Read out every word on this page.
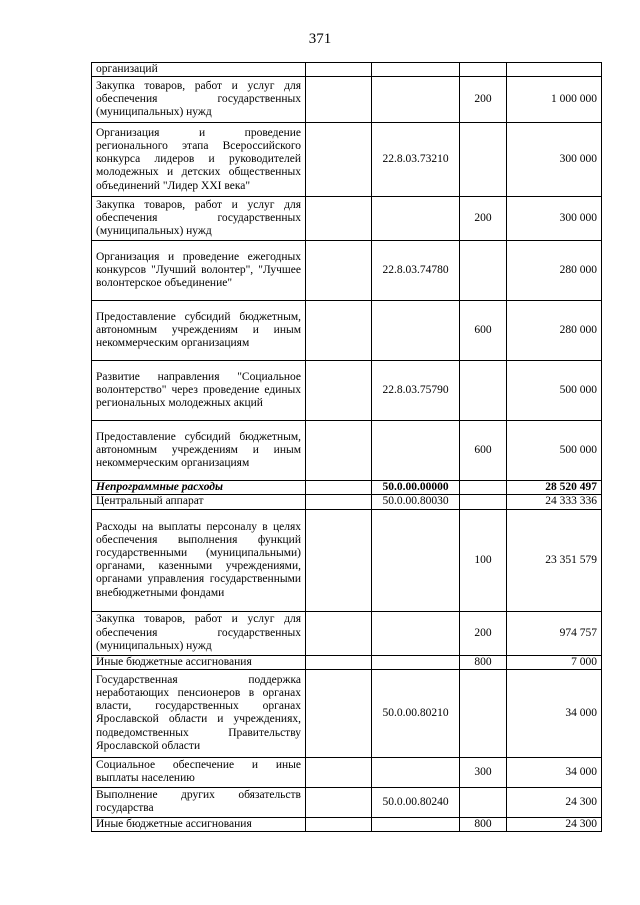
371
организаций				
Закупка товаров, работ и услуг для обеспечения государственных (муниципальных) нужд			200	1 000 000
Организация и проведение регионального этапа Всероссийского конкурса лидеров и руководителей молодежных и детских общественных объединений "Лидер XXI века"		22.8.03.73210		300 000
Закупка товаров, работ и услуг для обеспечения государственных (муниципальных) нужд			200	300 000
Организация и проведение ежегодных конкурсов "Лучший волонтер", "Лучшее волонтерское объединение"		22.8.03.74780		280 000
Предоставление субсидий бюджетным, автономным учреждениям и иным некоммерческим организациям			600	280 000
Развитие направления "Социальное волонтерство" через проведение единых региональных молодежных акций		22.8.03.75790		500 000
Предоставление субсидий бюджетным, автономным учреждениям и иным некоммерческим организациям			600	500 000
Непрограммные расходы		50.0.00.00000		28 520 497
Центральный аппарат		50.0.00.80030		24 333 336
Расходы на выплаты персоналу в целях обеспечения выполнения функций государственными (муниципальными) органами, казенными учреждениями, органами управления государственными внебюджетными фондами			100	23 351 579
Закупка товаров, работ и услуг для обеспечения государственных (муниципальных) нужд			200	974 757
Иные бюджетные ассигнования			800	7 000
Государственная поддержка неработающих пенсионеров в органах власти, государственных органах Ярославской области и учреждениях, подведомственных Правительству Ярославской области		50.0.00.80210		34 000
Социальное обеспечение и иные выплаты населению			300	34 000
Выполнение других обязательств государства		50.0.00.80240		24 300
Иные бюджетные ассигнования			800	24 300
